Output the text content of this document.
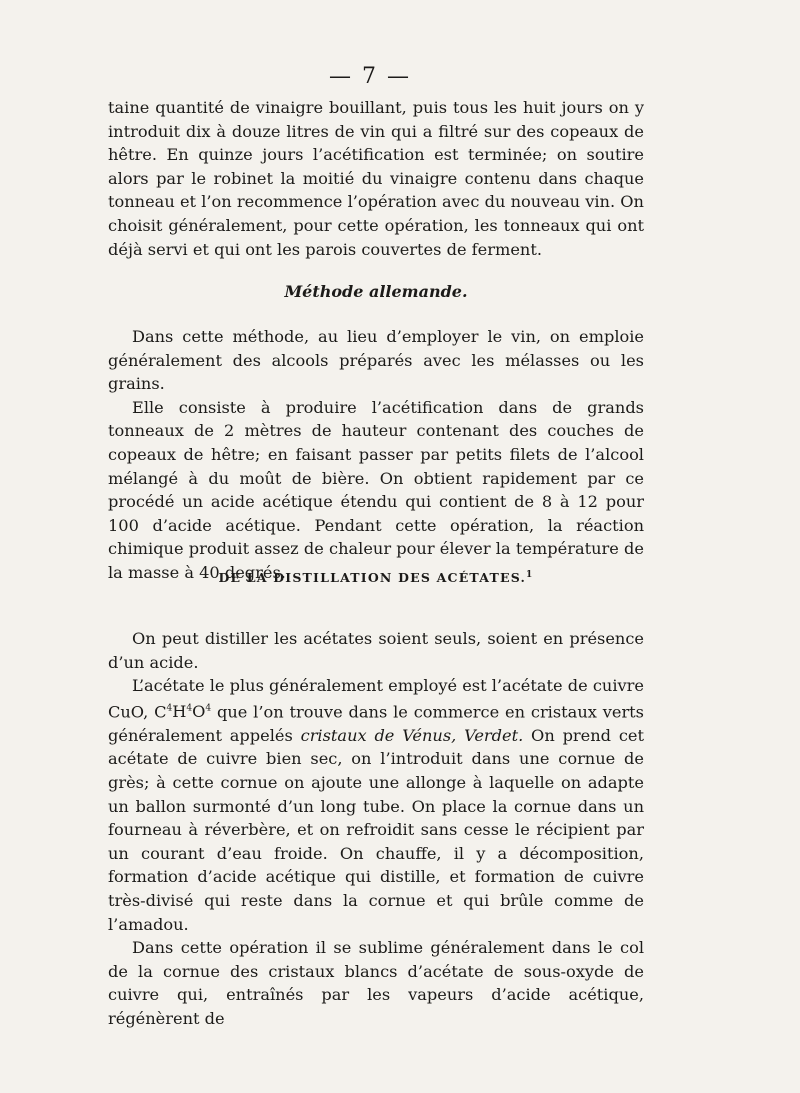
— 7 —

taine quantité de vinaigre bouillant, puis tous les huit jours on y introduit dix à douze litres de vin qui a filtré sur des copeaux de hêtre. En quinze jours l’acétification est terminée; on soutire alors par le robinet la moitié du vinaigre contenu dans chaque tonneau et l’on recommence l’opération avec du nouveau vin. On choisit généralement, pour cette opération, les tonneaux qui ont déjà servi et qui ont les parois couvertes de ferment.

Méthode allemande.

Dans cette méthode, au lieu d’employer le vin, on emploie généralement des alcools préparés avec les mélasses ou les grains.

Elle consiste à produire l’acétification dans de grands tonneaux de 2 mètres de hauteur contenant des couches de copeaux de hêtre; en faisant passer par petits filets de l’alcool mélangé à du moût de bière. On obtient rapidement par ce procédé un acide acétique étendu qui contient de 8 à 12 pour 100 d’acide acétique. Pendant cette opération, la réaction chimique produit assez de chaleur pour élever la température de la masse à 40 degrés.

DE LA DISTILLATION DES ACÉTATES.$^1$

On peut distiller les acétates soient seuls, soient en présence d’un acide.

L’acétate le plus généralement employé est l’acétate de cuivre CuO, $C^4H^4O^4$ que l’on trouve dans le commerce en cristaux verts généralement appelés cristaux de Vénus, Verdet. On prend cet acétate de cuivre bien sec, on l’introduit dans une cornue de grès; à cette cornue on ajoute une allonge à laquelle on adapte un ballon surmonté d’un long tube. On place la cornue dans un fourneau à réverbère, et on refroidit sans cesse le récipient par un courant d’eau froide. On chauffe, il y a décomposition, formation d’acide acétique qui distille, et formation de cuivre très-divisé qui reste dans la cornue et qui brûle comme de l’amadou.

Dans cette opération il se sublime généralement dans le col de la cornue des cristaux blancs d’acétate de sous-oxyde de cuivre qui, entraînés par les vapeurs d’acide acétique, régénèrent de
